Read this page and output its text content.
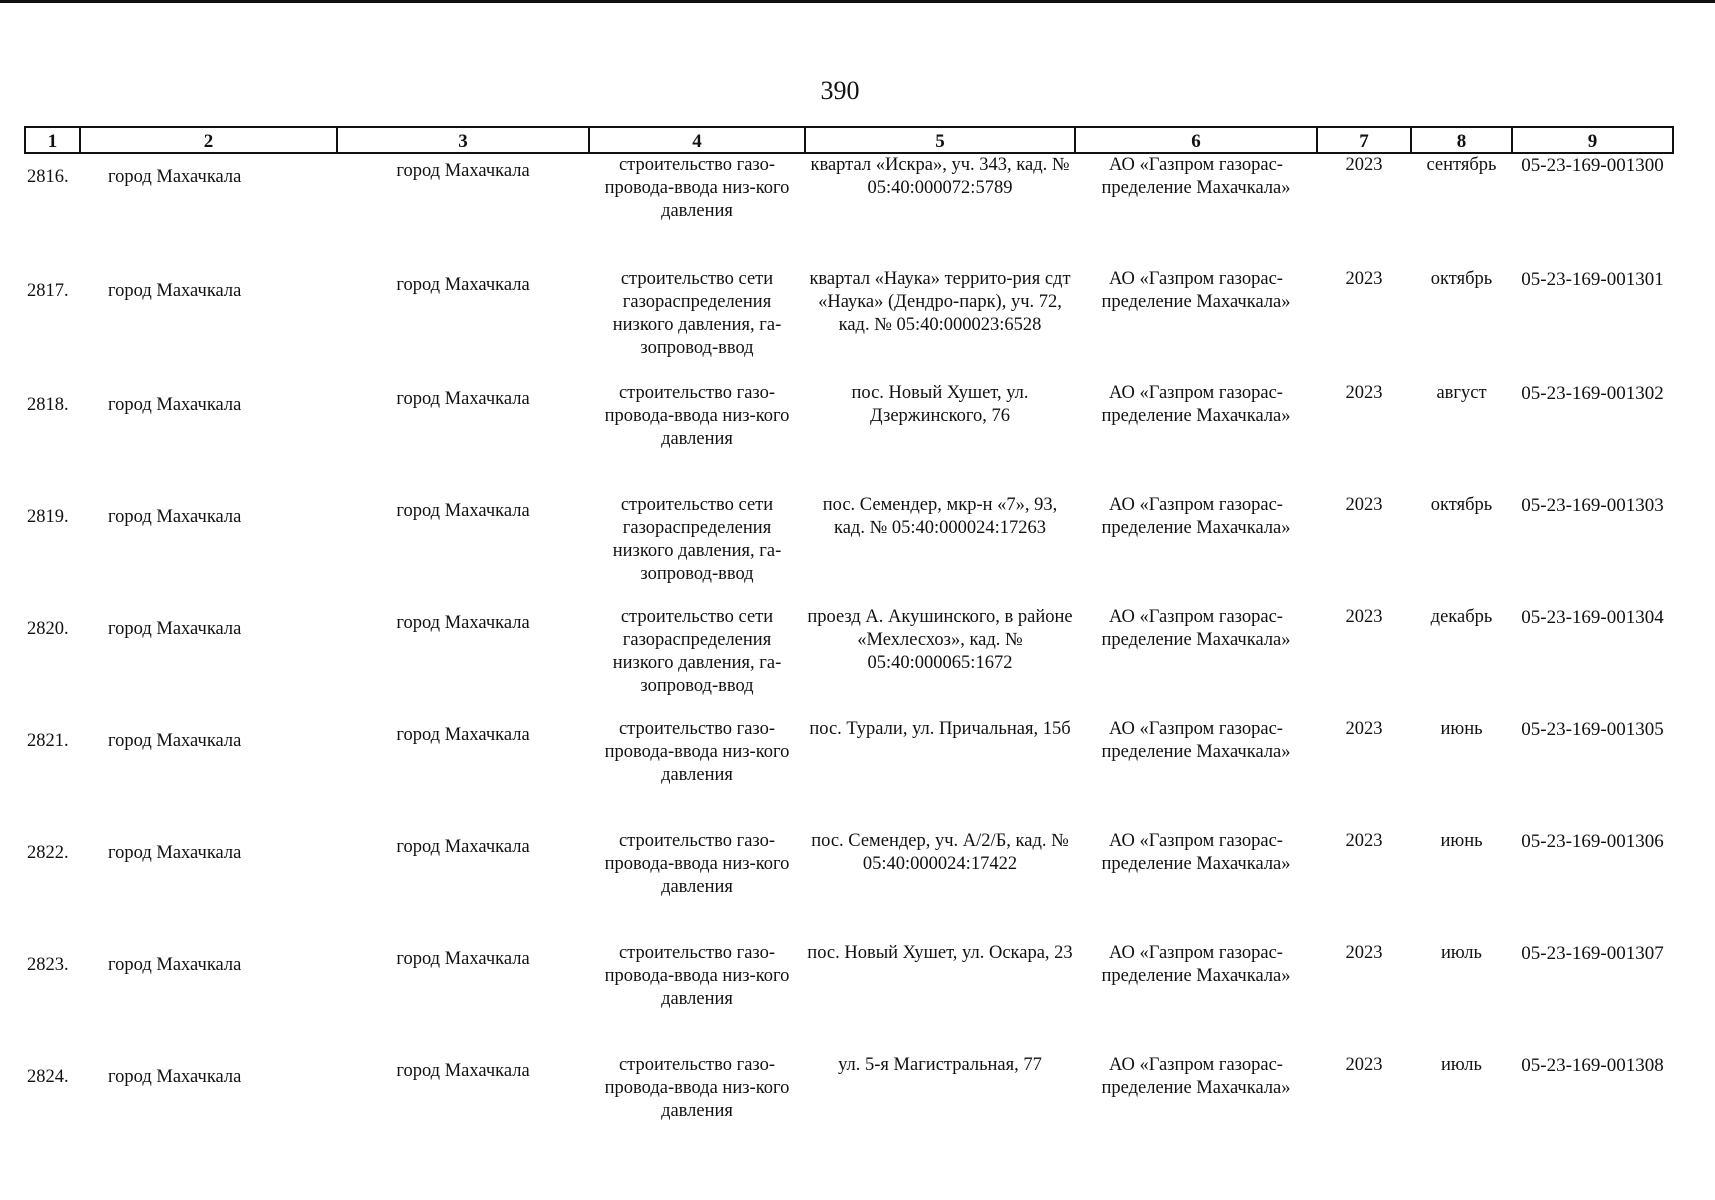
390
1	2	3	4	5	6	7	8	9
2816.	город Махачкала	город Махачкала	строительство газо-провода-ввода низ-кого давления	квартал «Искра», уч. 343, кад. № 05:40:000072:5789	АО «Газпром газорас-пределение Махачкала»	2023	сентябрь	05-23-169-001300
2817.	город Махачкала	город Махачкала	строительство сети газораспределения низкого давления, га-зопровод-ввод	квартал «Наука» террито-рия сдт «Наука» (Дендро-парк), уч. 72, кад. № 05:40:000023:6528	АО «Газпром газорас-пределение Махачкала»	2023	октябрь	05-23-169-001301
2818.	город Махачкала	город Махачкала	строительство газо-провода-ввода низ-кого давления	пос. Новый Хушет, ул. Дзержинского, 76	АО «Газпром газорас-пределение Махачкала»	2023	август	05-23-169-001302
2819.	город Махачкала	город Махачкала	строительство сети газораспределения низкого давления, га-зопровод-ввод	пос. Семендер, мкр-н «7», 93, кад. № 05:40:000024:17263	АО «Газпром газорас-пределение Махачкала»	2023	октябрь	05-23-169-001303
2820.	город Махачкала	город Махачкала	строительство сети газораспределения низкого давления, га-зопровод-ввод	проезд А. Акушинского, в районе «Мехлесхоз», кад. № 05:40:000065:1672	АО «Газпром газорас-пределение Махачкала»	2023	декабрь	05-23-169-001304
2821.	город Махачкала	город Махачкала	строительство газо-провода-ввода низ-кого давления	пос. Турали, ул. Причальная, 15б	АО «Газпром газорас-пределение Махачкала»	2023	июнь	05-23-169-001305
2822.	город Махачкала	город Махачкала	строительство газо-провода-ввода низ-кого давления	пос. Семендер, уч. А/2/Б, кад. № 05:40:000024:17422	АО «Газпром газорас-пределение Махачкала»	2023	июнь	05-23-169-001306
2823.	город Махачкала	город Махачкала	строительство газо-провода-ввода низ-кого давления	пос. Новый Хушет, ул. Оскара, 23	АО «Газпром газорас-пределение Махачкала»	2023	июль	05-23-169-001307
2824.	город Махачкала	город Махачкала	строительство газо-провода-ввода низ-кого давления	ул. 5-я Магистральная, 77	АО «Газпром газорас-пределение Махачкала»	2023	июль	05-23-169-001308
